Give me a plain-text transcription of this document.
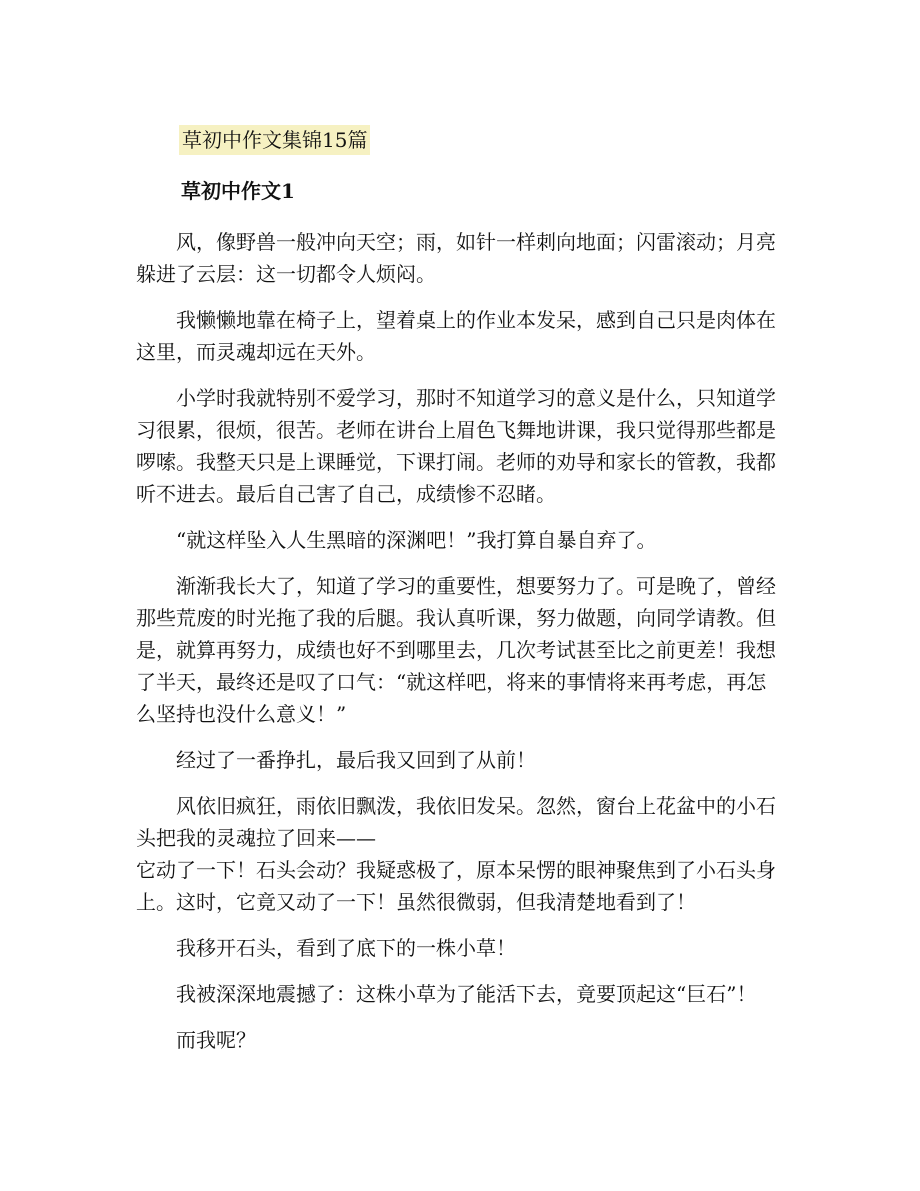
草初中作文集锦15篇
草初中作文1

风，像野兽一般冲向天空；雨，如针一样刺向地面；闪雷滚动；月亮躲进了云层：这一切都令人烦闷。

我懒懒地靠在椅子上，望着桌上的作业本发呆，感到自己只是肉体在这里，而灵魂却远在天外。

小学时我就特别不爱学习，那时不知道学习的意义是什么，只知道学习很累，很烦，很苦。老师在讲台上眉色飞舞地讲课，我只觉得那些都是啰嗦。我整天只是上课睡觉，下课打闹。老师的劝导和家长的管教，我都听不进去。最后自己害了自己，成绩惨不忍睹。

“就这样坠入人生黑暗的深渊吧！”我打算自暴自弃了。

渐渐我长大了，知道了学习的重要性，想要努力了。可是晚了，曾经那些荒废的时光拖了我的后腿。我认真听课，努力做题，向同学请教。但是，就算再努力，成绩也好不到哪里去，几次考试甚至比之前更差！我想了半天，最终还是叹了口气：“就这样吧，将来的事情将来再考虑，再怎么坚持也没什么意义！”

经过了一番挣扎，最后我又回到了从前！

风依旧疯狂，雨依旧飘泼，我依旧发呆。忽然，窗台上花盆中的小石头把我的灵魂拉了回来——

它动了一下！石头会动？我疑惑极了，原本呆愣的眼神聚焦到了小石头身上。这时，它竟又动了一下！虽然很微弱，但我清楚地看到了！

我移开石头，看到了底下的一株小草！

我被深深地震撼了：这株小草为了能活下去，竟要顶起这“巨石”！

而我呢？
